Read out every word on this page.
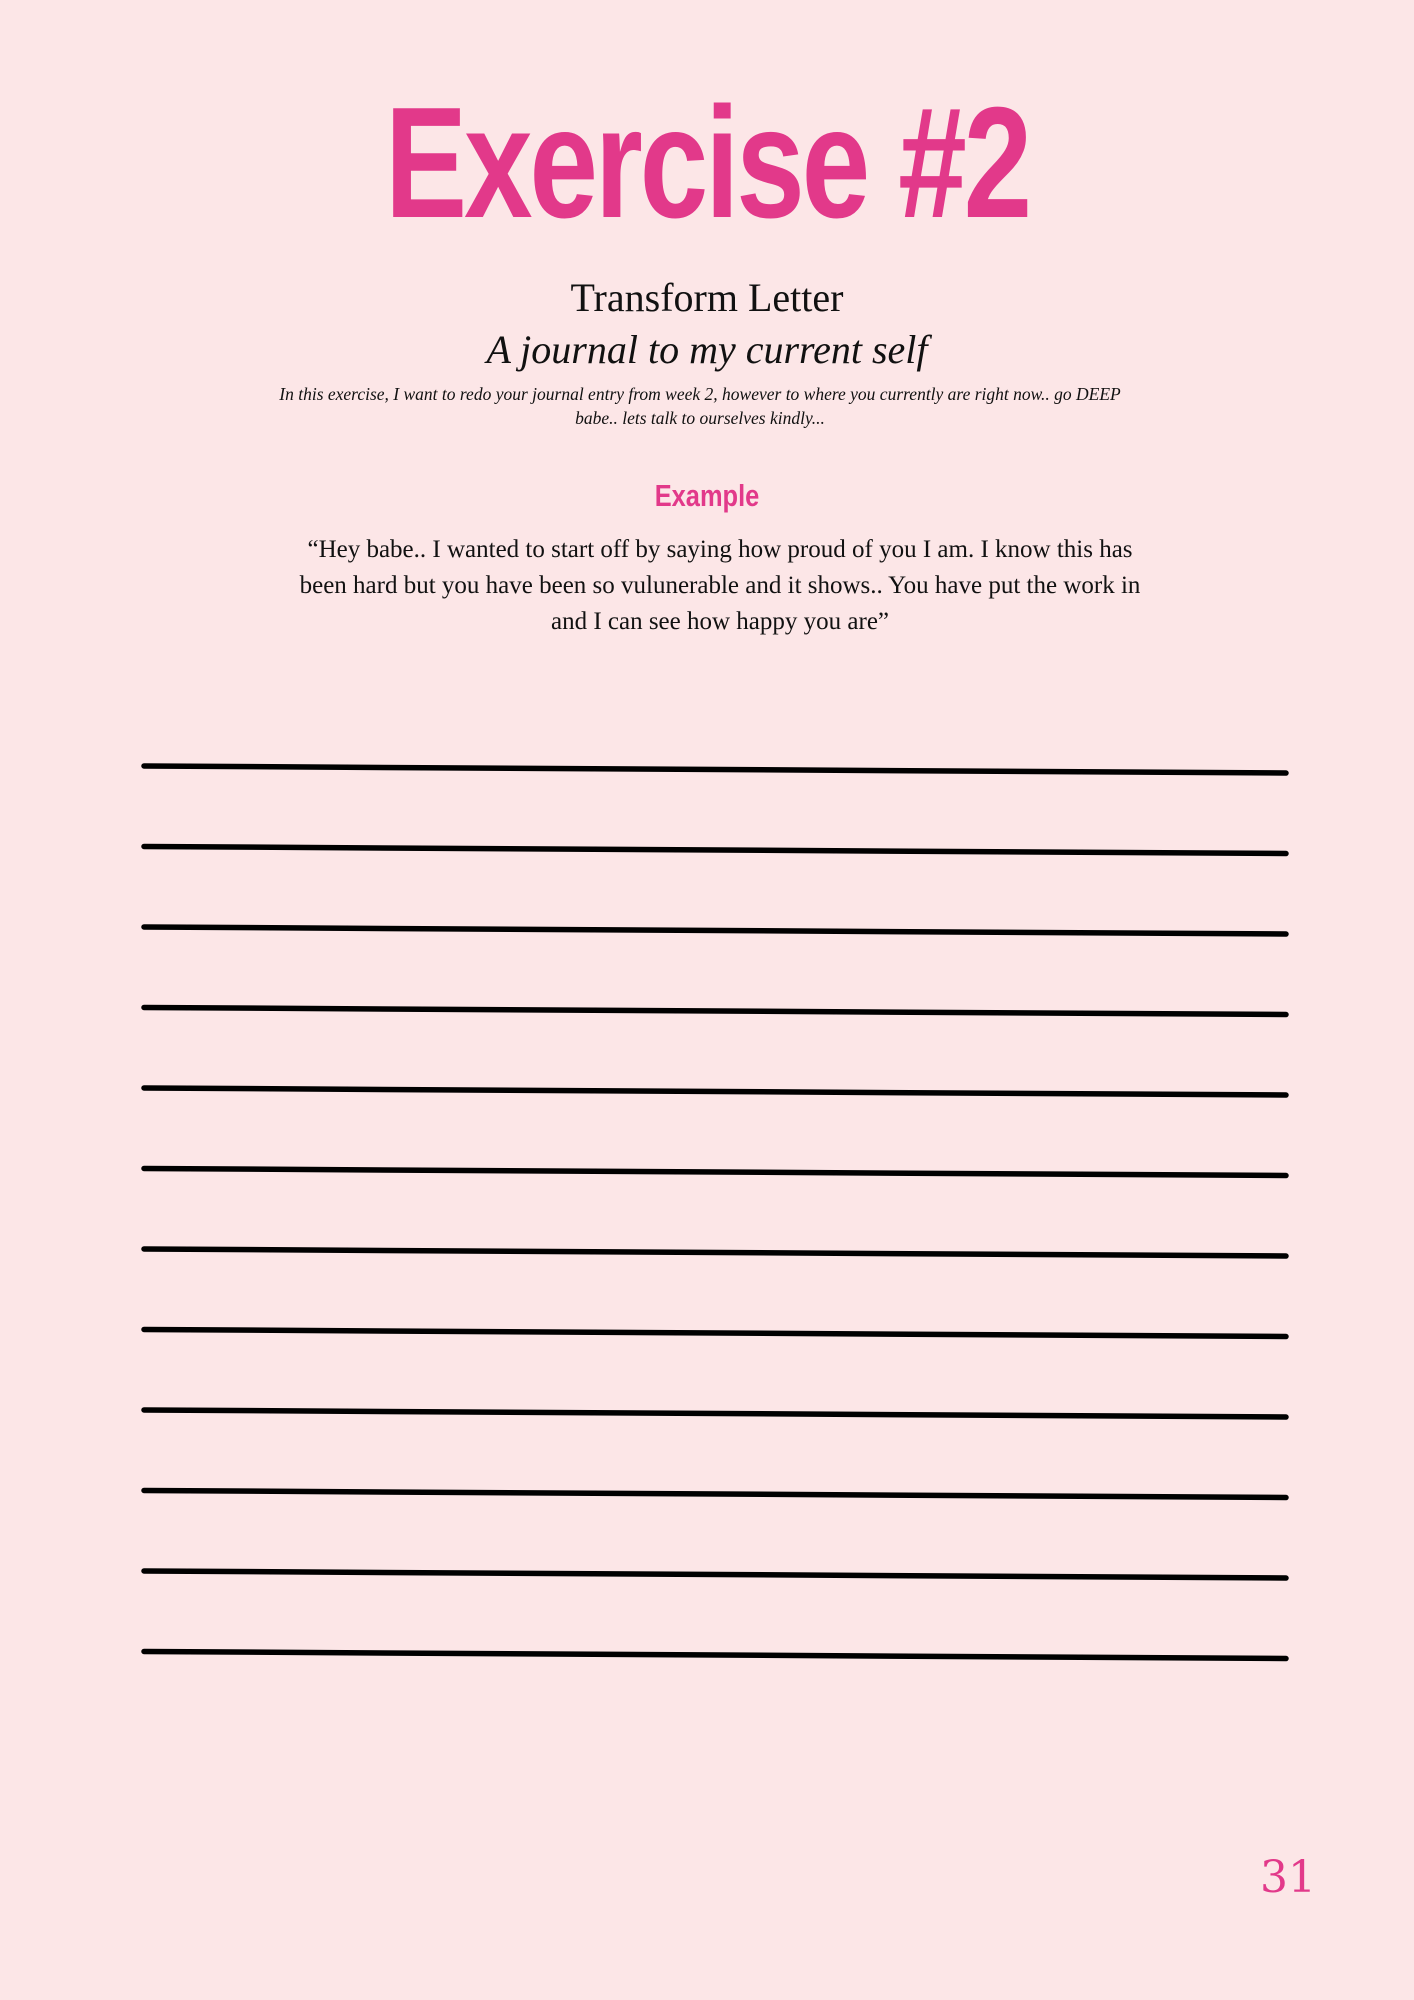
Exercise #2
Transform Letter
A journal to my current self
In this exercise, I want to redo your journal entry from week 2, however to where you currently are right now.. go DEEP babe.. lets talk to ourselves kindly...
Example
“Hey babe.. I wanted to start off by saying how proud of you I am. I know this has been hard but you have been so vulunerable and it shows.. You have put the work in and I can see how happy you are”
31
